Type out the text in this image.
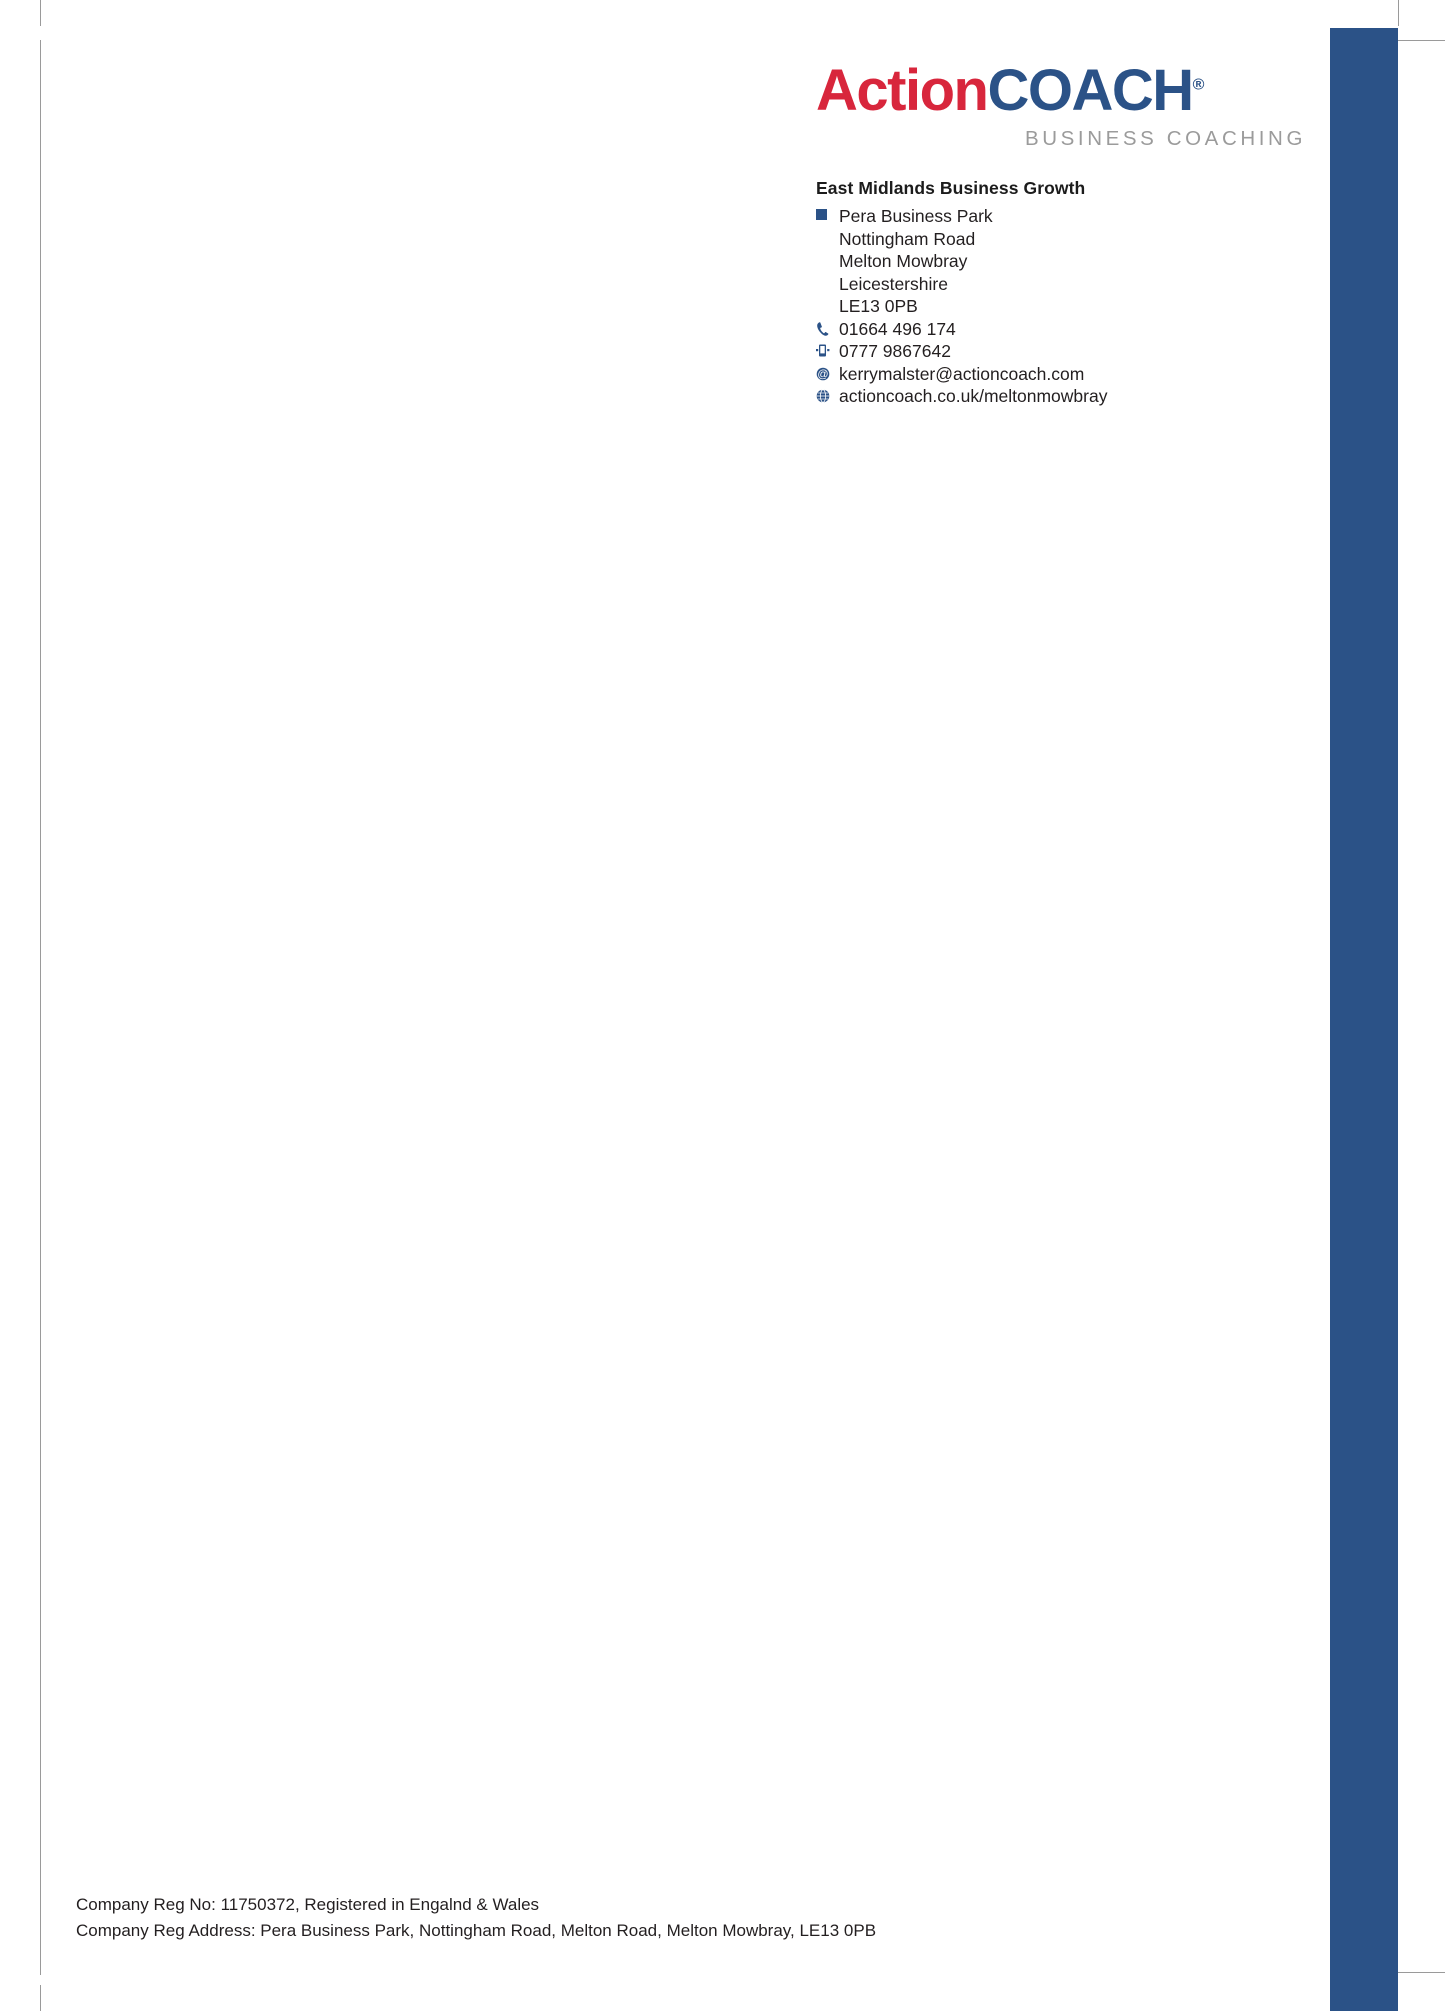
ActionCOACH®
BUSINESS COACHING
East Midlands Business Growth
Pera Business Park
Nottingham Road
Melton Mowbray
Leicestershire
LE13 0PB
01664 496 174
0777 9867642
@ kerrymalster@actioncoach.com
actioncoach.co.uk/meltonmowbray
Company Reg No: 11750372, Registered in Engalnd & Wales
Company Reg Address: Pera Business Park, Nottingham Road, Melton Road, Melton Mowbray, LE13 0PB
